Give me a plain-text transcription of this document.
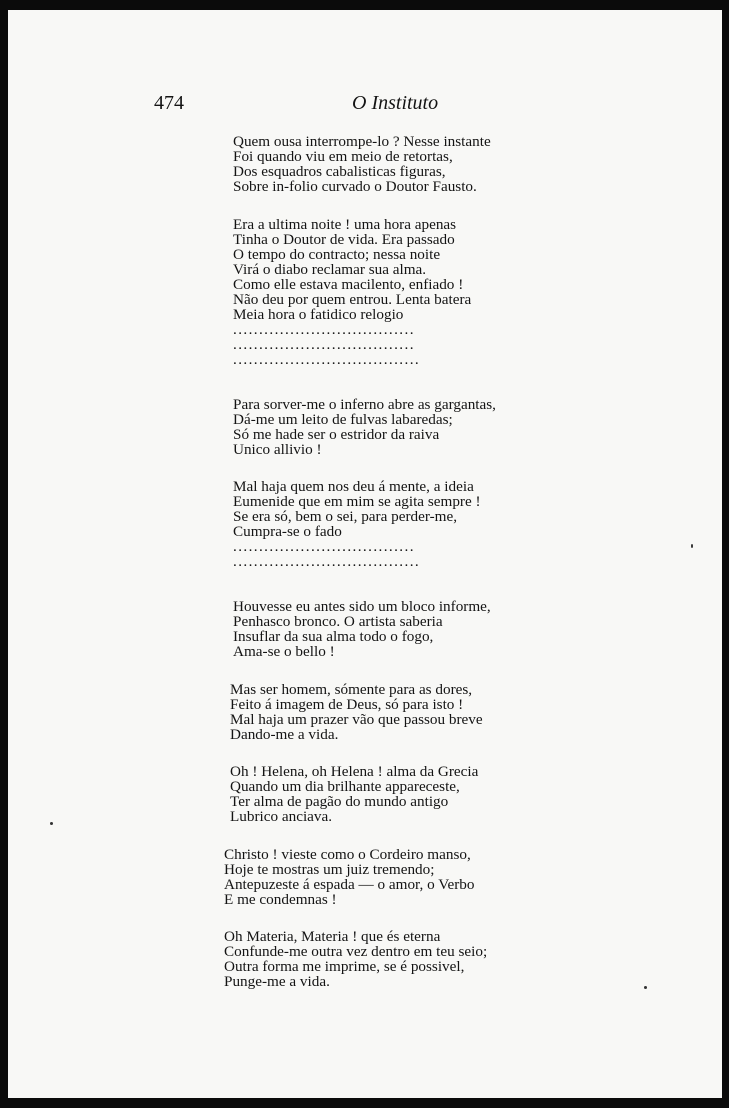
474	O Instituto
Quem ousa interrompe-lo ? Nesse instante
Foi quando viu em meio de retortas,
Dos esquadros cabalisticas figuras,
Sobre in-folio curvado o Doutor Fausto.
Era a ultima noite ! uma hora apenas
Tinha o Doutor de vida. Era passado
O tempo do contracto; nessa noite
Virá o diabo reclamar sua alma.
Como elle estava macilento, enfiado !
Não deu por quem entrou. Lenta batera
Meia hora o fatidico relogio
...................................
...................................
....................................
Para sorver-me o inferno abre as gargantas,
Dá-me um leito de fulvas labaredas;
Só me hade ser o estridor da raiva
Unico allivio !
Mal haja quem nos deu á mente, a ideia
Eumenide que em mim se agita sempre !
Se era só, bem o sei, para perder-me,
Cumpra-se o fado
...................................
....................................
Houvesse eu antes sido um bloco informe,
Penhasco bronco. O artista saberia
Insuflar da sua alma todo o fogo,
Ama-se o bello !
Mas ser homem, sómente para as dores,
Feito á imagem de Deus, só para isto !
Mal haja um prazer vão que passou breve
Dando-me a vida.
Oh ! Helena, oh Helena ! alma da Grecia
Quando um dia brilhante appareceste,
Ter alma de pagão do mundo antigo
Lubrico anciava.
Christo ! vieste como o Cordeiro manso,
Hoje te mostras um juiz tremendo;
Antepuzeste á espada — o amor, o Verbo
E me condemnas !
Oh Materia, Materia ! que és eterna
Confunde-me outra vez dentro em teu seio;
Outra forma me imprime, se é possivel,
Punge-me a vida.
